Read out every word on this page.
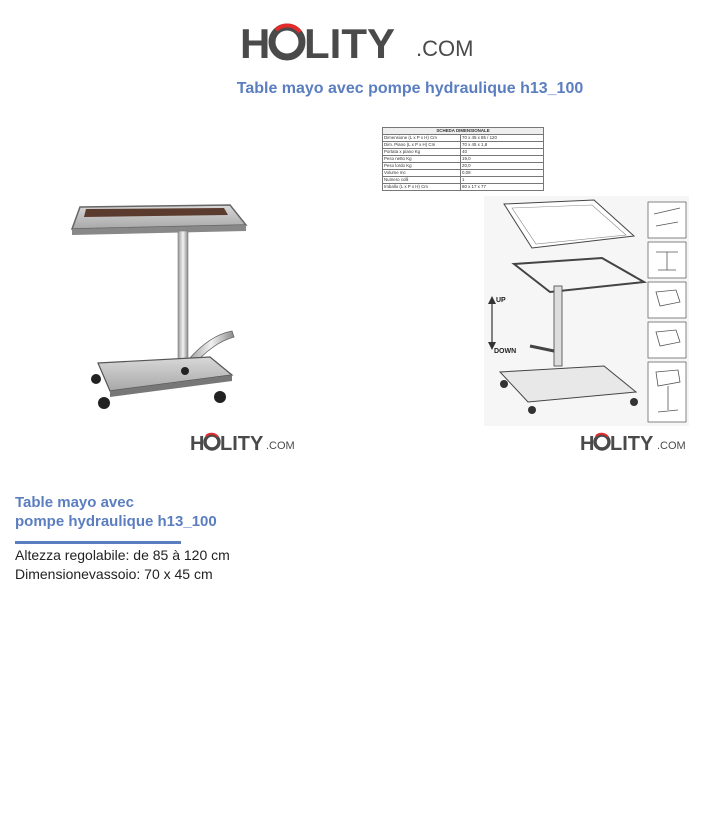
H LITY .COM
Table mayo avec pompe hydraulique h13_100
H LITY .COM
SCHEDA DIMENSIONALE	
Dimensione (L x P x H) Cm	70 x 45 x 85 / 120
Dim. Piano (L x P x H) Cm	70 x 45 x 1,8
Portata x piano Kg	40
Peso netto Kg	19,0
Peso lordo Kg	20,0
Volume mc	0,08
Numero colli	1
Imballo (L x P x H) Cm	80 x 17 x 77
UP
DOWN
H LITY .COM
Table mayo avec
pompe hydraulique h13_100
Altezza regolabile: de 85 à 120 cm
Dimensionevassoio: 70 x 45 cm
